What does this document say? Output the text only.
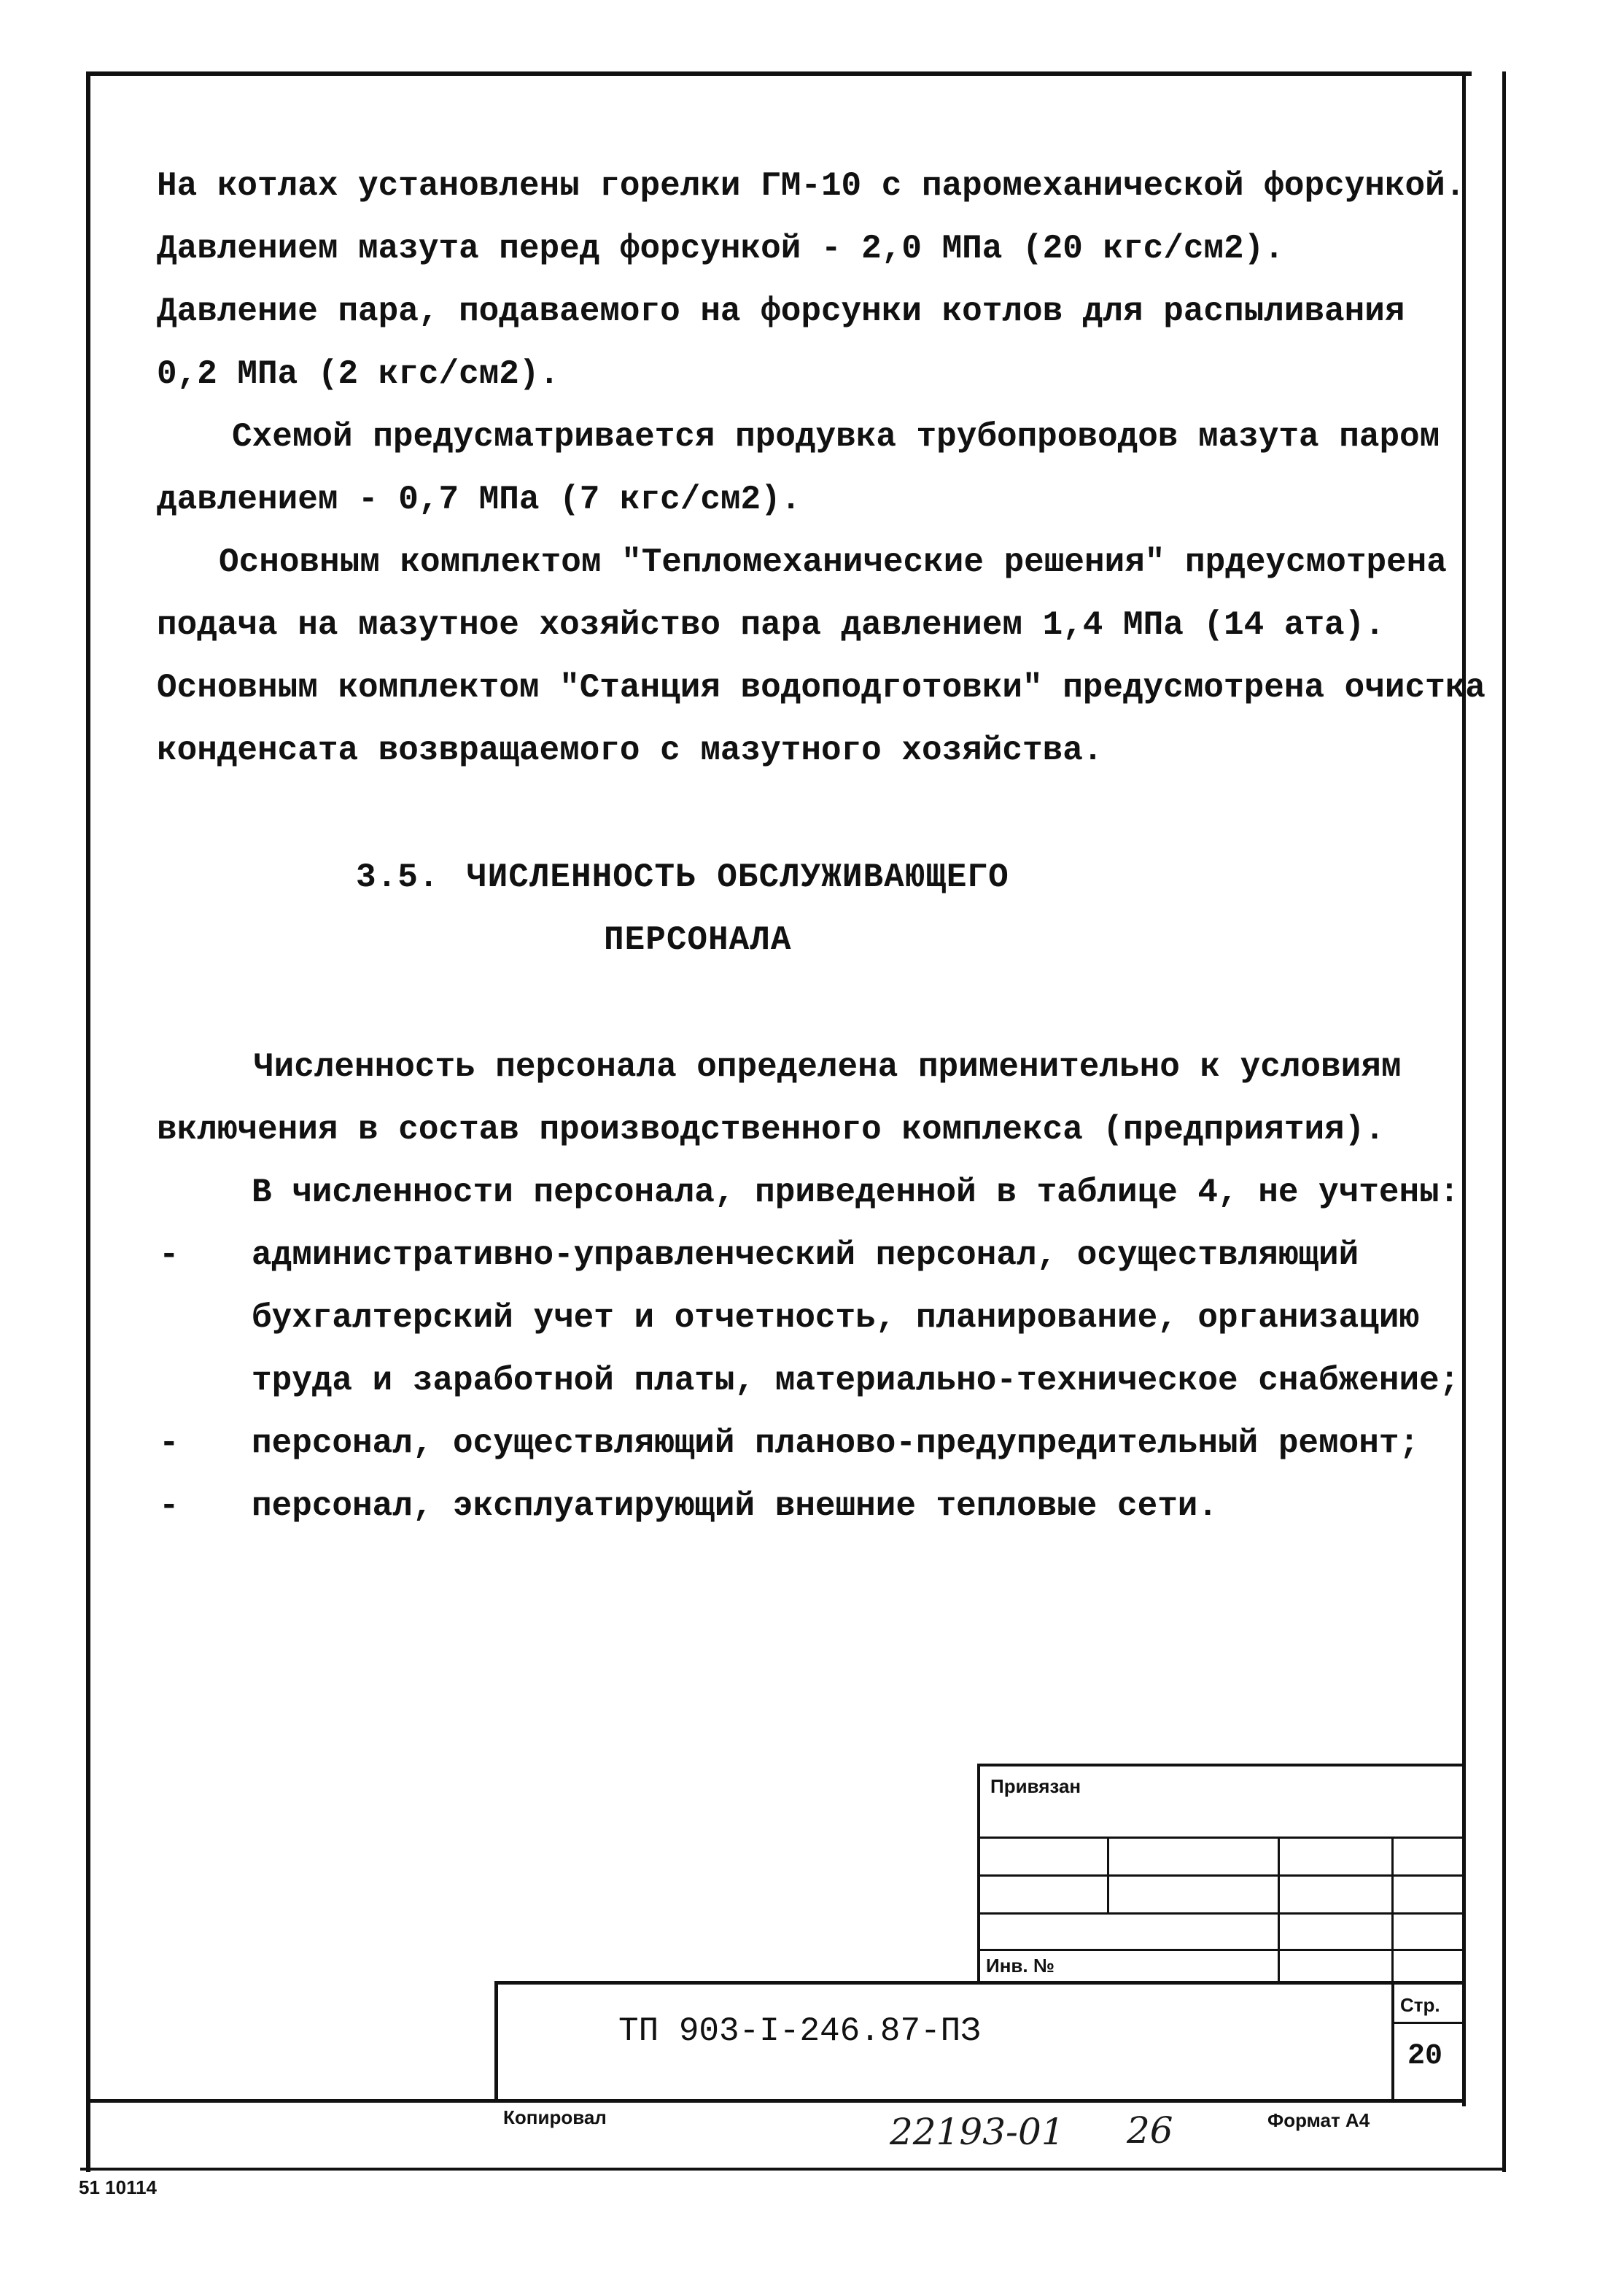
На котлах установлены горелки ГМ-10 с паромеханической форсункой.
Давлением мазута перед форсункой - 2,0 МПа (20 кгс/см2).
Давление пара, подаваемого на форсунки котлов для распыливания
0,2 МПа (2 кгс/см2).
Схемой предусматривается продувка трубопроводов мазута паром
давлением - 0,7 МПа (7 кгс/см2).
Основным комплектом "Тепломеханические решения" прдеусмотрена
подача на мазутное хозяйство пара давлением 1,4 МПа (14 ата).
Основным комплектом "Станция водоподготовки" предусмотрена очистка
конденсата возвращаемого с мазутного хозяйства.
3.5. ЧИСЛЕННОСТЬ ОБСЛУЖИВАЮЩЕГО
ПЕРСОНАЛА
Численность персонала определена применительно к условиям
включения в состав производственного комплекса (предприятия).
В численности персонала, приведенной в таблице 4, не учтены:
- административно-управленческий персонал, осуществляющий
бухгалтерский учет и отчетность, планирование, организацию
труда и заработной платы, материально-техническое снабжение;
- персонал, осуществляющий планово-предупредительный ремонт;
- персонал, эксплуатирующий внешние тепловые сети.
Привязан
Инв. №
ТП 903-I-246.87-ПЗ
Стр.
20
Копировал	22193-01 26	Формат А4
51 10114
